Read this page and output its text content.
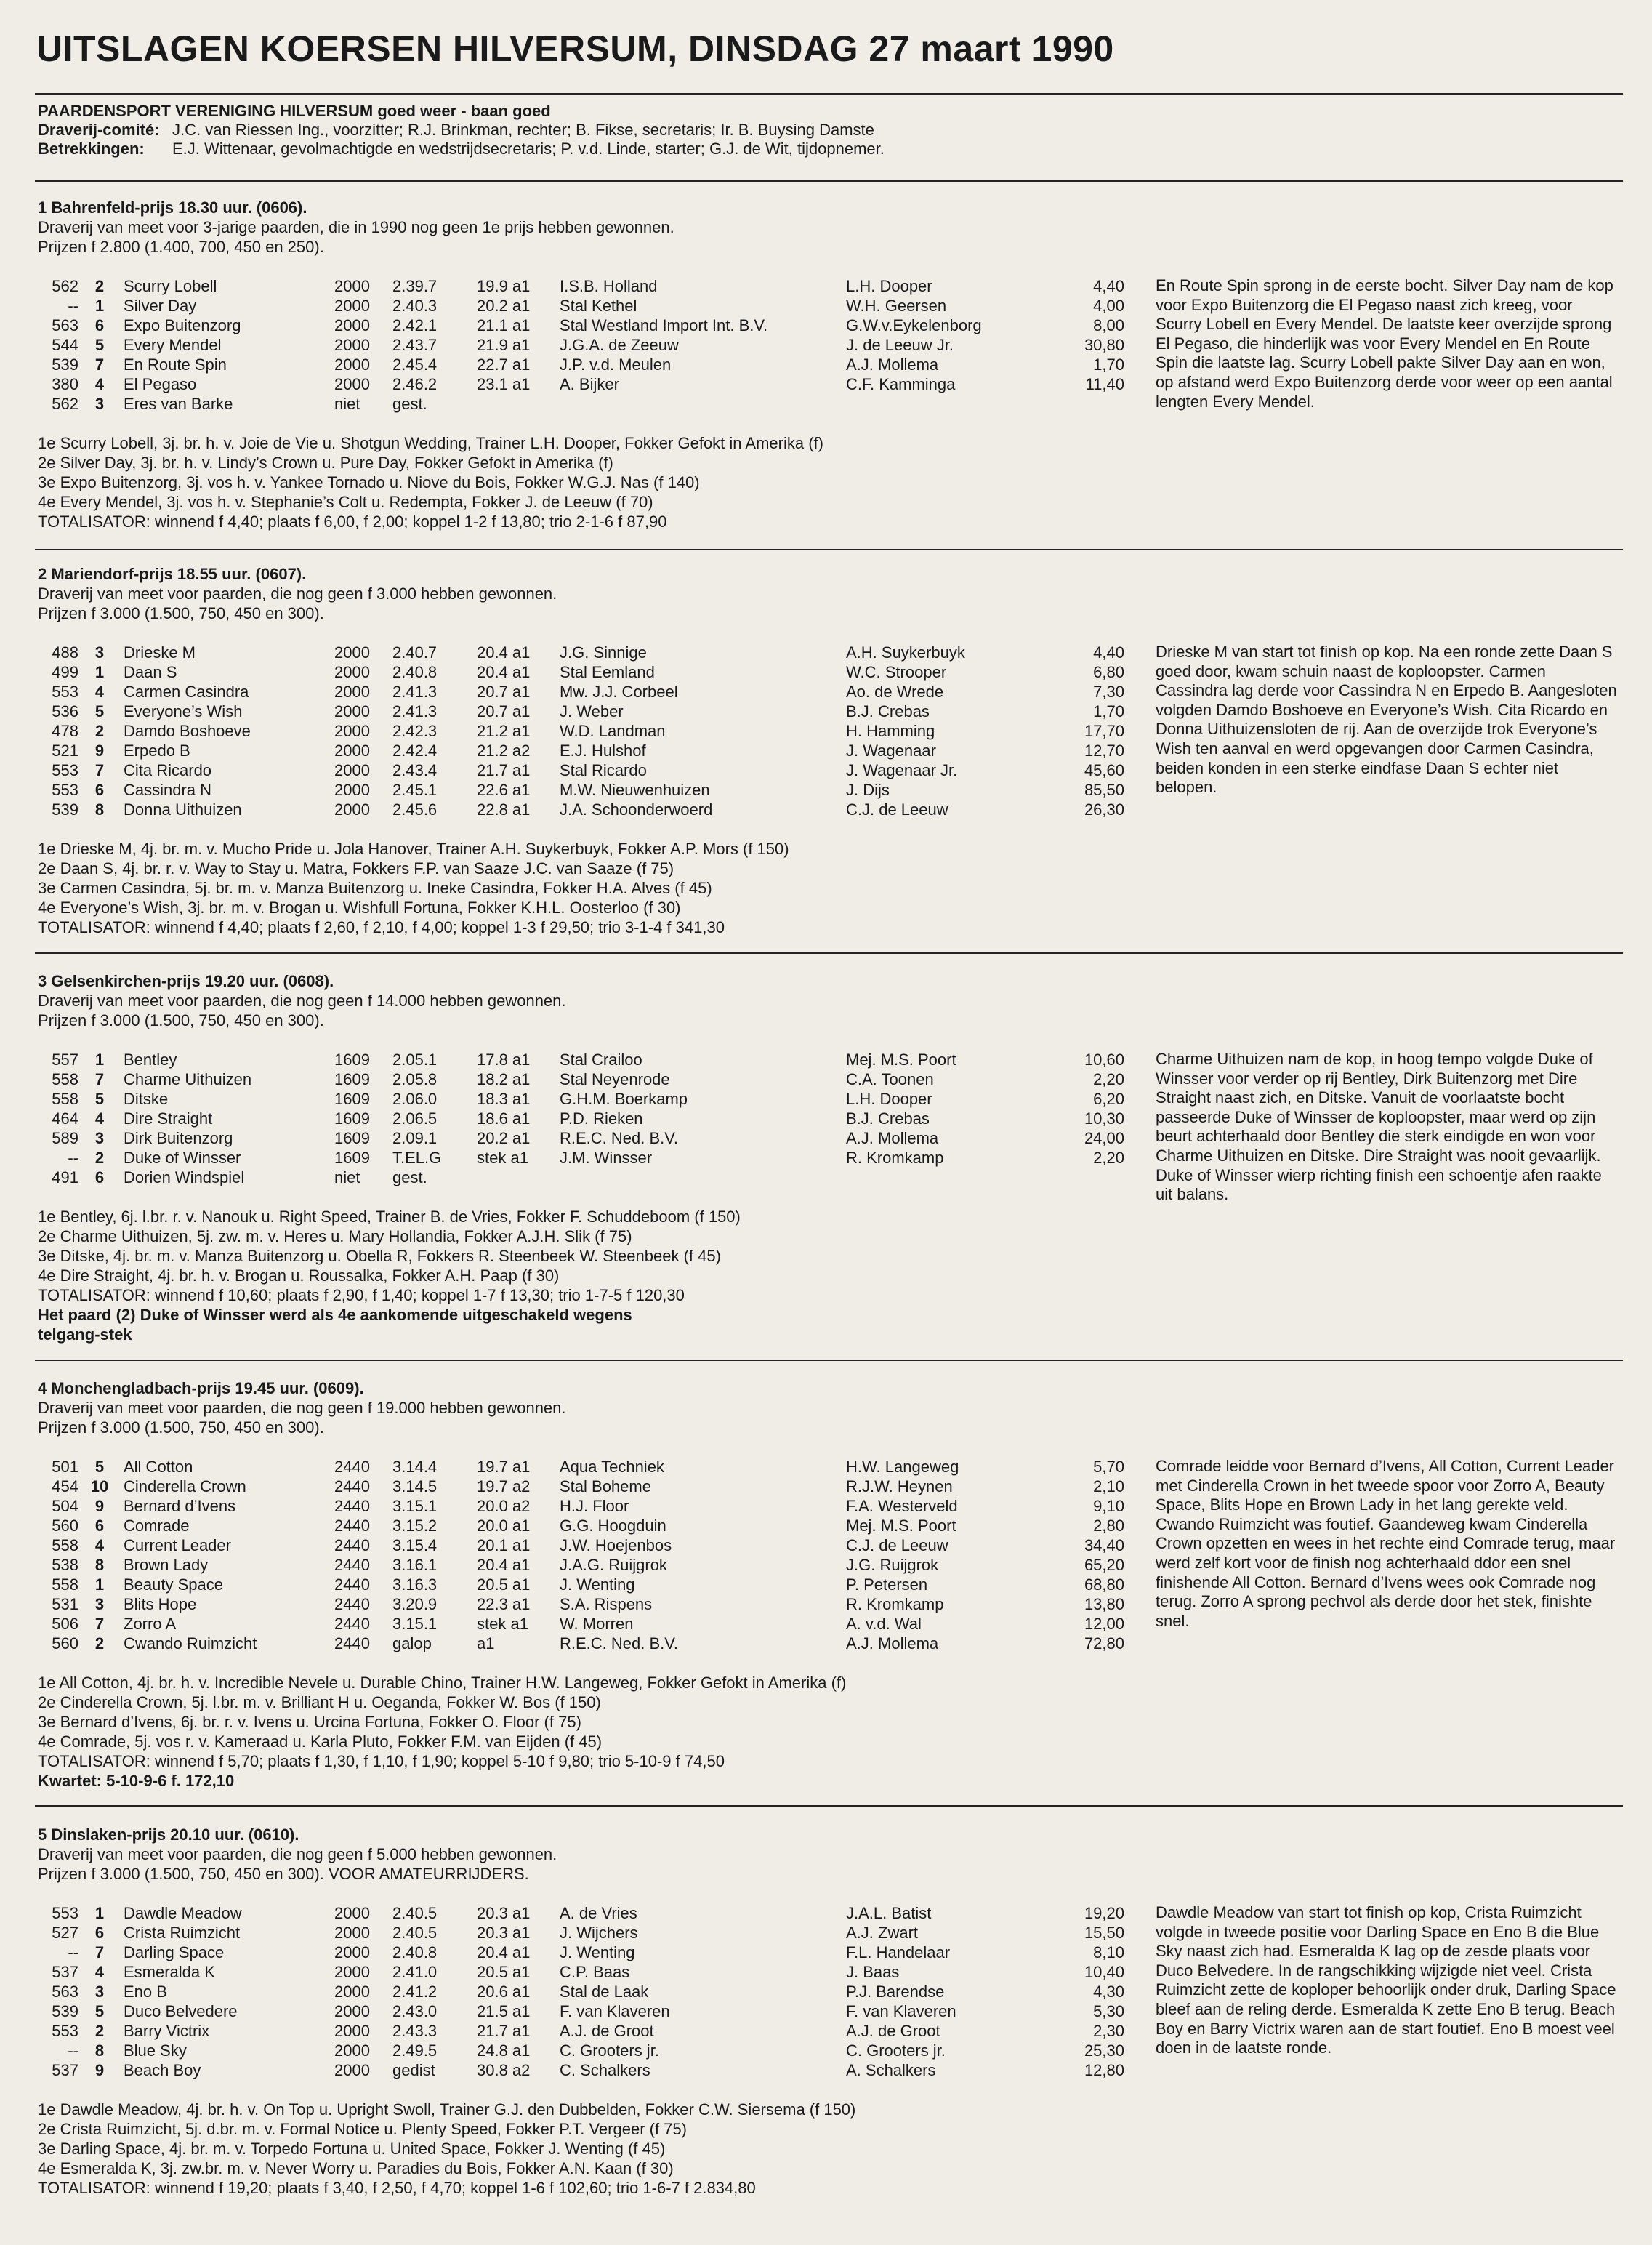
UITSLAGEN KOERSEN HILVERSUM, DINSDAG 27 maart 1990
PAARDENSPORT VERENIGING HILVERSUM goed weer - baan goed
Draverij-comité: J.C. van Riessen Ing., voorzitter; R.J. Brinkman, rechter; B. Fikse, secretaris; Ir. B. Buysing Damste
Betrekkingen: E.J. Wittenaar, gevolmachtigde en wedstrijdsecretaris; P. v.d. Linde, starter; G.J. de Wit, tijdopnemer.
1 Bahrenfeld-prijs 18.30 uur. (0606).
Draverij van meet voor 3-jarige paarden, die in 1990 nog geen 1e prijs hebben gewonnen.
Prijzen f 2.800 (1.400, 700, 450 en 250).
562	2	Scurry Lobell	2000 2.39.7 19.9 a1 I.S.B. Holland	L.H. Dooper	4,40
--	1	Silver Day	2000 2.40.3 20.2 a1 Stal Kethel	W.H. Geersen	4,00
563	6	Expo Buitenzorg	2000 2.42.1 21.1 a1 Stal Westland Import Int. B.V.	G.W.v.Eykelenborg	8,00
544	5	Every Mendel	2000 2.43.7 21.9 a1 J.G.A. de Zeeuw	J. de Leeuw Jr.	30,80
539	7	En Route Spin	2000 2.45.4 22.7 a1 J.P. v.d. Meulen	A.J. Mollema	1,70
380	4	El Pegaso	2000 2.46.2 23.1 a1 A. Bijker	C.F. Kamminga	11,40
562	3	Eres van Barke	niet gest.
En Route Spin sprong in de eerste bocht. Silver Day nam de kop voor Expo Buitenzorg die El Pegaso naast zich kreeg, voor Scurry Lobell en Every Mendel. De laatste keer overzijde sprong El Pegaso, die hinderlijk was voor Every Mendel en En Route Spin die laatste lag. Scurry Lobell pakte Silver Day aan en won, op afstand werd Expo Buitenzorg derde voor weer op een aantal lengten Every Mendel.
1e Scurry Lobell, 3j. br. h. v. Joie de Vie u. Shotgun Wedding, Trainer L.H. Dooper, Fokker Gefokt in Amerika (f)
2e Silver Day, 3j. br. h. v. Lindy’s Crown u. Pure Day, Fokker Gefokt in Amerika (f)
3e Expo Buitenzorg, 3j. vos h. v. Yankee Tornado u. Niove du Bois, Fokker W.G.J. Nas (f 140)
4e Every Mendel, 3j. vos h. v. Stephanie’s Colt u. Redempta, Fokker J. de Leeuw (f 70)
TOTALISATOR: winnend f 4,40; plaats f 6,00, f 2,00; koppel 1-2 f 13,80; trio 2-1-6 f 87,90
2 Mariendorf-prijs 18.55 uur. (0607).
Draverij van meet voor paarden, die nog geen f 3.000 hebben gewonnen.
Prijzen f 3.000 (1.500, 750, 450 en 300).
488	3	Drieske M	2000 2.40.7 20.4 a1 J.G. Sinnige	A.H. Suykerbuyk	4,40
499	1	Daan S	2000 2.40.8 20.4 a1 Stal Eemland	W.C. Strooper	6,80
553	4	Carmen Casindra	2000 2.41.3 20.7 a1 Mw. J.J. Corbeel	Ao. de Wrede	7,30
536	5	Everyone’s Wish	2000 2.41.3 20.7 a1 J. Weber	B.J. Crebas	1,70
478	2	Damdo Boshoeve	2000 2.42.3 21.2 a1 W.D. Landman	H. Hamming	17,70
521	9	Erpedo B	2000 2.42.4 21.2 a2 E.J. Hulshof	J. Wagenaar	12,70
553	7	Cita Ricardo	2000 2.43.4 21.7 a1 Stal Ricardo	J. Wagenaar Jr.	45,60
553	6	Cassindra N	2000 2.45.1 22.6 a1 M.W. Nieuwenhuizen	J. Dijs	85,50
539	8	Donna Uithuizen	2000 2.45.6 22.8 a1 J.A. Schoonderwoerd	C.J. de Leeuw	26,30
Drieske M van start tot finish op kop. Na een ronde zette Daan S goed door, kwam schuin naast de koploopster. Carmen Cassindra lag derde voor Cassindra N en Erpedo B. Aangesloten volgden Damdo Boshoeve en Everyone’s Wish. Cita Ricardo en Donna Uithuizensloten de rij. Aan de overzijde trok Everyone’s Wish ten aanval en werd opgevangen door Carmen Casindra, beiden konden in een sterke eindfase Daan S echter niet belopen.
1e Drieske M, 4j. br. m. v. Mucho Pride u. Jola Hanover, Trainer A.H. Suykerbuyk, Fokker A.P. Mors (f 150)
2e Daan S, 4j. br. r. v. Way to Stay u. Matra, Fokkers F.P. van Saaze J.C. van Saaze (f 75)
3e Carmen Casindra, 5j. br. m. v. Manza Buitenzorg u. Ineke Casindra, Fokker H.A. Alves (f 45)
4e Everyone’s Wish, 3j. br. m. v. Brogan u. Wishfull Fortuna, Fokker K.H.L. Oosterloo (f 30)
TOTALISATOR: winnend f 4,40; plaats f 2,60, f 2,10, f 4,00; koppel 1-3 f 29,50; trio 3-1-4 f 341,30
3 Gelsenkirchen-prijs 19.20 uur. (0608).
Draverij van meet voor paarden, die nog geen f 14.000 hebben gewonnen.
Prijzen f 3.000 (1.500, 750, 450 en 300).
557	1	Bentley	1609 2.05.1 17.8 a1 Stal Crailoo	Mej. M.S. Poort	10,60
558	7	Charme Uithuizen	1609 2.05.8 18.2 a1 Stal Neyenrode	C.A. Toonen	2,20
558	5	Ditske	1609 2.06.0 18.3 a1 G.H.M. Boerkamp	L.H. Dooper	6,20
464	4	Dire Straight	1609 2.06.5 18.6 a1 P.D. Rieken	B.J. Crebas	10,30
589	3	Dirk Buitenzorg	1609 2.09.1 20.2 a1 R.E.C. Ned. B.V.	A.J. Mollema	24,00
--	2	Duke of Winsser	1609 T.EL.G stek a1 J.M. Winsser	R. Kromkamp	2,20
491	6	Dorien Windspiel	niet gest.
Charme Uithuizen nam de kop, in hoog tempo volgde Duke of Winsser voor verder op rij Bentley, Dirk Buitenzorg met Dire Straight naast zich, en Ditske. Vanuit de voorlaatste bocht passeerde Duke of Winsser de koploopster, maar werd op zijn beurt achterhaald door Bentley die sterk eindigde en won voor Charme Uithuizen en Ditske. Dire Straight was nooit gevaarlijk. Duke of Winsser wierp richting finish een schoentje afen raakte uit balans.
1e Bentley, 6j. l.br. r. v. Nanouk u. Right Speed, Trainer B. de Vries, Fokker F. Schuddeboom (f 150)
2e Charme Uithuizen, 5j. zw. m. v. Heres u. Mary Hollandia, Fokker A.J.H. Slik (f 75)
3e Ditske, 4j. br. m. v. Manza Buitenzorg u. Obella R, Fokkers R. Steenbeek W. Steenbeek (f 45)
4e Dire Straight, 4j. br. h. v. Brogan u. Roussalka, Fokker A.H. Paap (f 30)
TOTALISATOR: winnend f 10,60; plaats f 2,90, f 1,40; koppel 1-7 f 13,30; trio 1-7-5 f 120,30
Het paard (2) Duke of Winsser werd als 4e aankomende uitgeschakeld wegens
telgang-stek
4 Monchengladbach-prijs 19.45 uur. (0609).
Draverij van meet voor paarden, die nog geen f 19.000 hebben gewonnen.
Prijzen f 3.000 (1.500, 750, 450 en 300).
501	5	All Cotton	2440 3.14.4 19.7 a1 Aqua Techniek	H.W. Langeweg	5,70
454 10 Cinderella Crown	2440 3.14.5 19.7 a2 Stal Boheme	R.J.W. Heynen	2,10
504	9	Bernard d’Ivens	2440 3.15.1 20.0 a2 H.J. Floor	F.A. Westerveld	9,10
560	6	Comrade	2440 3.15.2 20.0 a1 G.G. Hoogduin	Mej. M.S. Poort	2,80
558	4	Current Leader	2440 3.15.4 20.1 a1 J.W. Hoejenbos	C.J. de Leeuw	34,40
538	8	Brown Lady	2440 3.16.1 20.4 a1 J.A.G. Ruijgrok	J.G. Ruijgrok	65,20
558	1	Beauty Space	2440 3.16.3 20.5 a1 J. Wenting	P. Petersen	68,80
531	3	Blits Hope	2440 3.20.9 22.3 a1 S.A. Rispens	R. Kromkamp	13,80
506	7	Zorro A	2440 3.15.1 stek a1 W. Morren	A. v.d. Wal	12,00
560	2	Cwando Ruimzicht	2440 galop	a1	R.E.C. Ned. B.V.	A.J. Mollema	72,80
Comrade leidde voor Bernard d’Ivens, All Cotton, Current Leader met Cinderella Crown in het tweede spoor voor Zorro A, Beauty Space, Blits Hope en Brown Lady in het lang gerekte veld. Cwando Ruimzicht was foutief. Gaandeweg kwam Cinderella Crown opzetten en wees in het rechte eind Comrade terug, maar werd zelf kort voor de finish nog achterhaald ddor een snel finishende All Cotton. Bernard d’Ivens wees ook Comrade nog terug. Zorro A sprong pechvol als derde door het stek, finishte snel.
1e All Cotton, 4j. br. h. v. Incredible Nevele u. Durable Chino, Trainer H.W. Langeweg, Fokker Gefokt in Amerika (f)
2e Cinderella Crown, 5j. l.br. m. v. Brilliant H u. Oeganda, Fokker W. Bos (f 150)
3e Bernard d’Ivens, 6j. br. r. v. Ivens u. Urcina Fortuna, Fokker O. Floor (f 75)
4e Comrade, 5j. vos r. v. Kameraad u. Karla Pluto, Fokker F.M. van Eijden (f 45)
TOTALISATOR: winnend f 5,70; plaats f 1,30, f 1,10, f 1,90; koppel 5-10 f 9,80; trio 5-10-9 f 74,50
Kwartet: 5-10-9-6 f. 172,10
5 Dinslaken-prijs 20.10 uur. (0610).
Draverij van meet voor paarden, die nog geen f 5.000 hebben gewonnen.
Prijzen f 3.000 (1.500, 750, 450 en 300). VOOR AMATEURRIJDERS.
553	1	Dawdle Meadow	2000 2.40.5 20.3 a1 A. de Vries	J.A.L. Batist	19,20
527	6	Crista Ruimzicht	2000 2.40.5 20.3 a1 J. Wijchers	A.J. Zwart	15,50
--	7	Darling Space	2000 2.40.8 20.4 a1 J. Wenting	F.L. Handelaar	8,10
537	4	Esmeralda K	2000 2.41.0 20.5 a1 C.P. Baas	J. Baas	10,40
563	3	Eno B	2000 2.41.2 20.6 a1 Stal de Laak	P.J. Barendse	4,30
539	5	Duco Belvedere	2000 2.43.0 21.5 a1 F. van Klaveren	F. van Klaveren	5,30
553	2	Barry Victrix	2000 2.43.3 21.7 a1 A.J. de Groot	A.J. de Groot	2,30
--	8	Blue Sky	2000 2.49.5 24.8 a1 C. Grooters jr.	C. Grooters jr.	25,30
537	9	Beach Boy	2000 gedist	30.8 a2 C. Schalkers	A. Schalkers	12,80
Dawdle Meadow van start tot finish op kop, Crista Ruimzicht volgde in tweede positie voor Darling Space en Eno B die Blue Sky naast zich had. Esmeralda K lag op de zesde plaats voor Duco Belvedere. In de rangschikking wijzigde niet veel. Crista Ruimzicht zette de koploper behoorlijk onder druk, Darling Space bleef aan de reling derde. Esmeralda K zette Eno B terug. Beach Boy en Barry Victrix waren aan de start foutief. Eno B moest veel doen in de laatste ronde.
1e Dawdle Meadow, 4j. br. h. v. On Top u. Upright Swoll, Trainer G.J. den Dubbelden, Fokker C.W. Siersema (f 150)
2e Crista Ruimzicht, 5j. d.br. m. v. Formal Notice u. Plenty Speed, Fokker P.T. Vergeer (f 75)
3e Darling Space, 4j. br. m. v. Torpedo Fortuna u. United Space, Fokker J. Wenting (f 45)
4e Esmeralda K, 3j. zw.br. m. v. Never Worry u. Paradies du Bois, Fokker A.N. Kaan (f 30)
TOTALISATOR: winnend f 19,20; plaats f 3,40, f 2,50, f 4,70; koppel 1-6 f 102,60; trio 1-6-7 f 2.834,80
